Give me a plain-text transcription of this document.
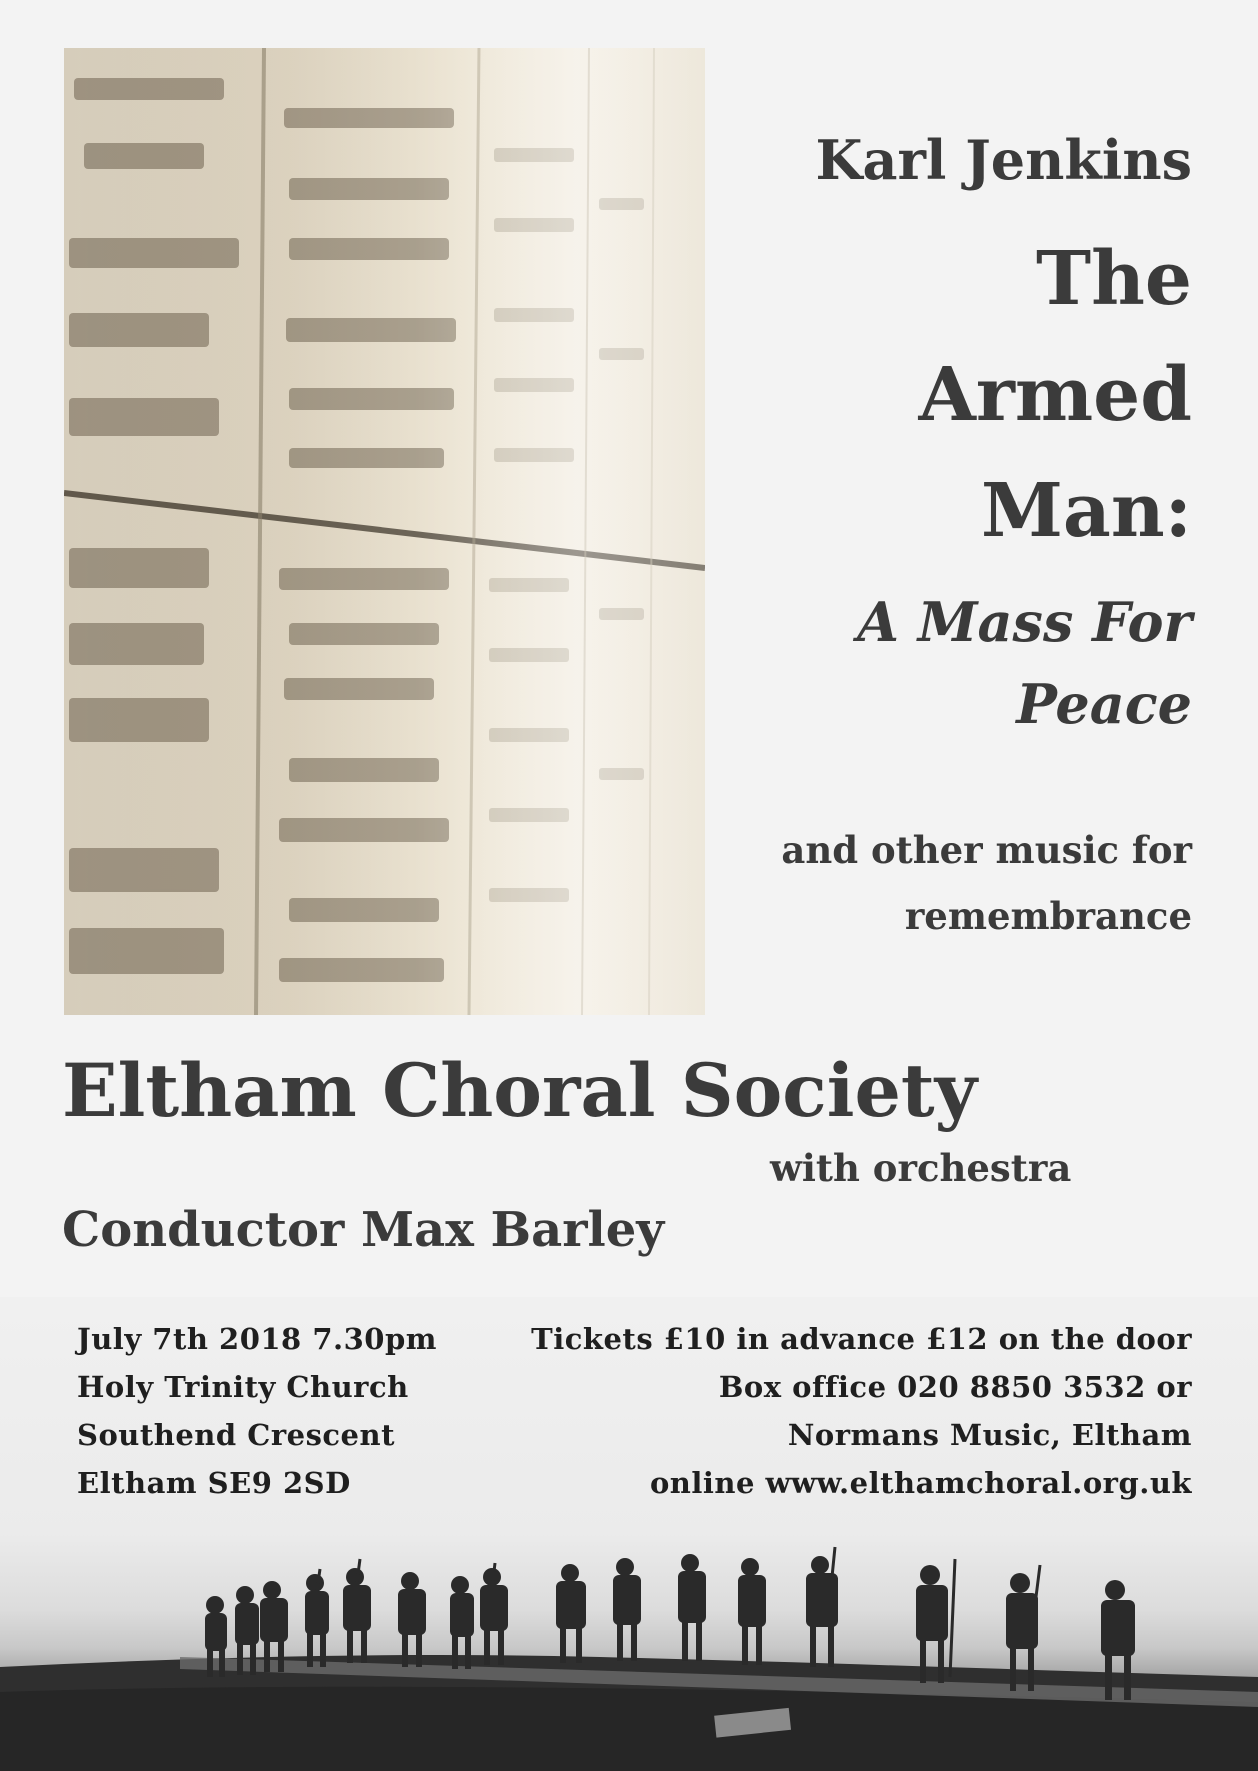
Karl Jenkins
The
Armed
Man:
A Mass For
Peace
and other music for
remembrance
Eltham Choral Society
with orchestra
Conductor Max Barley
July 7th 2018 7.30pm
Holy Trinity Church
Southend Crescent
Eltham SE9 2SD
Tickets £10 in advance £12 on the door
Box office 020 8850 3532 or
Normans Music, Eltham
online www.elthamchoral.org.uk
